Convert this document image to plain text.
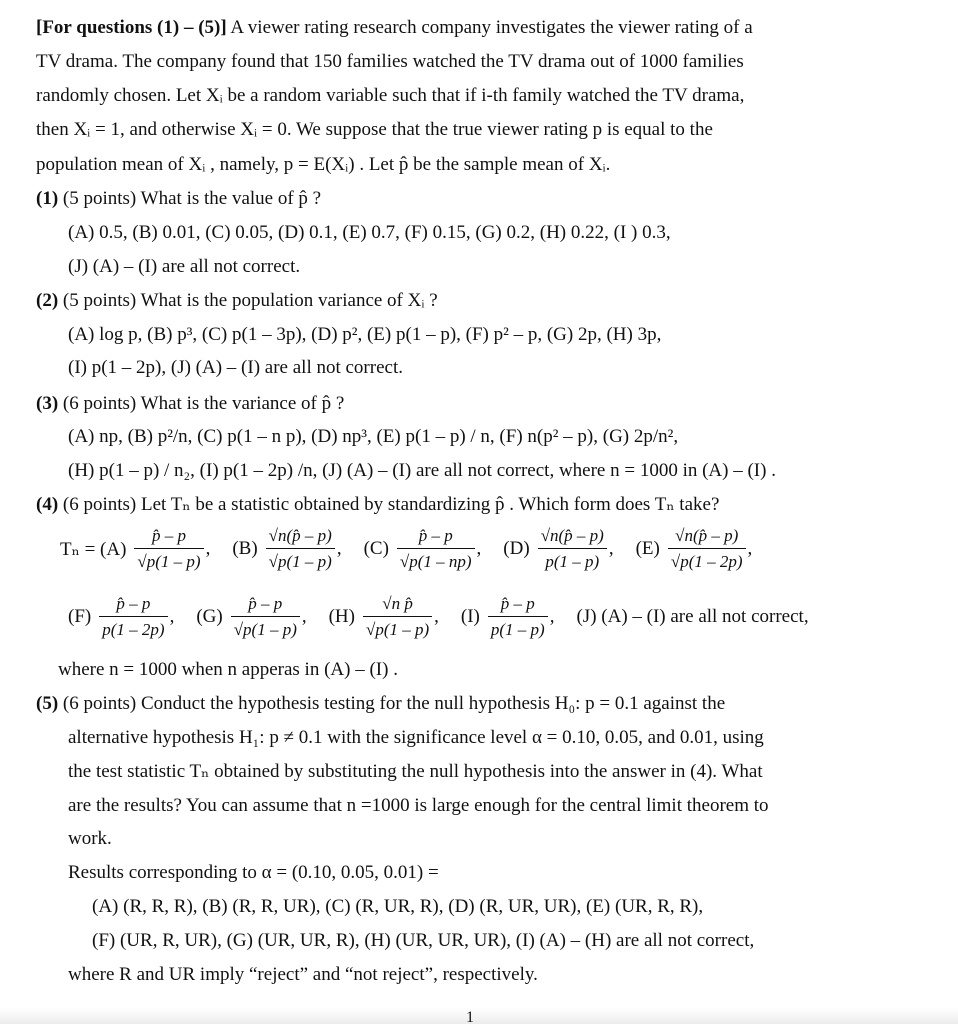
[For questions (1) – (5)] A viewer rating research company investigates the viewer rating of a
TV drama. The company found that 150 families watched the TV drama out of 1000 families
randomly chosen. Let Xᵢ be a random variable such that if i-th family watched the TV drama,
then Xᵢ = 1, and otherwise Xᵢ = 0. We suppose that the true viewer rating p is equal to the
population mean of Xᵢ , namely, p = E(Xᵢ) . Let p̂ be the sample mean of Xᵢ.
(1) (5 points) What is the value of p̂ ?
(A) 0.5, (B) 0.01, (C) 0.05, (D) 0.1, (E) 0.7, (F) 0.15, (G) 0.2, (H) 0.22, (I ) 0.3,
(J) (A) – (I) are all not correct.
(2) (5 points) What is the population variance of Xᵢ ?
(A) log p, (B) p³, (C) p(1 – 3p), (D) p², (E) p(1 – p), (F) p² – p, (G) 2p, (H) 3p,
(I) p(1 – 2p), (J) (A) – (I) are all not correct.
(3) (6 points) What is the variance of p̂ ?
(A) np, (B) p²/n, (C) p(1 – n p), (D) np³, (E) p(1 – p) / n, (F) n(p² – p), (G) 2p/n²,
(H) p(1 – p) / n₂, (I) p(1 – 2p) /n, (J) (A) – (I) are all not correct, where n = 1000 in (A) – (I) .
(4) (6 points) Let Tₙ be a statistic obtained by standardizing p̂ . Which form does Tₙ take?
$T_n = (A) \frac{p̂ - p}{√p(1 - p)}$ , $(B) \frac{√n(p̂ - p)}{√p(1 - p)}$ , $(C) \frac{p̂ - p}{√p(1 - np)}$ , $(D) \frac{√n(p̂ - p)}{p(1 - p)}$ , $(E) \frac{√n(p̂ - p)}{√p(1 - 2p)}$ ,
$(F) \frac{p̂ - p}{p(1 - 2p)}$ , $(G) \frac{p̂ - p}{√p(1 - p)}$ , $(H) \frac{\text{√n p̂}}{√p(1 - p)}$ , $(I) \frac{p̂ - p}{p(1 - p)}$ , (J) (A) – (I) are all not correct,
where n = 1000 when n apperas in (A) – (I) .
(5) (6 points) Conduct the hypothesis testing for the null hypothesis H₀: p = 0.1 against the
alternative hypothesis H₁: p ≠ 0.1 with the significance level α = 0.10, 0.05, and 0.01, using
the test statistic Tₙ obtained by substituting the null hypothesis into the answer in (4). What
are the results? You can assume that n =1000 is large enough for the central limit theorem to
work.
Results corresponding to α = (0.10, 0.05, 0.01) =
(A) (R, R, R), (B) (R, R, UR), (C) (R, UR, R), (D) (R, UR, UR), (E) (UR, R, R),
(F) (UR, R, UR), (G) (UR, UR, R), (H) (UR, UR, UR), (I) (A) – (H) are all not correct,
where R and UR imply “reject” and “not reject”, respectively.
1
